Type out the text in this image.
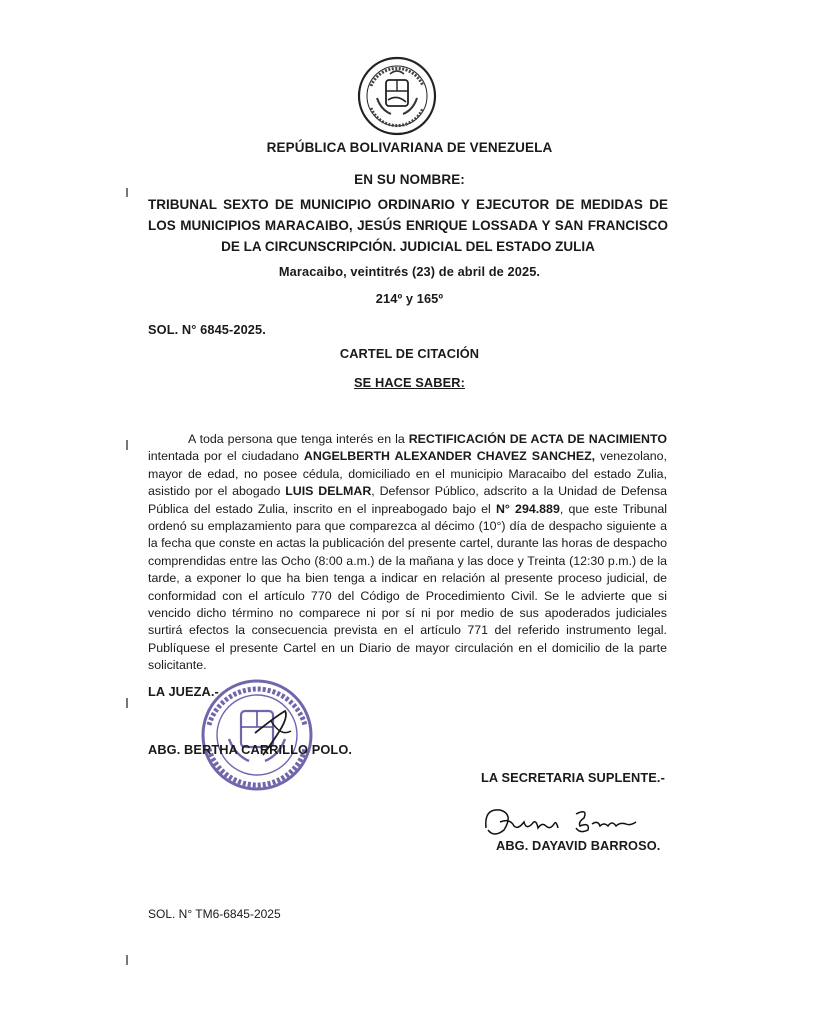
REPÚBLICA BOLIVARIANA DE VENEZUELA
EN SU NOMBRE:
TRIBUNAL SEXTO DE MUNICIPIO ORDINARIO Y EJECUTOR DE MEDIDAS DE LOS MUNICIPIOS MARACAIBO, JESÚS ENRIQUE LOSSADA Y SAN FRANCISCO DE LA CIRCUNSCRIPCIÓN. JUDICIAL DEL ESTADO ZULIA
Maracaibo, veintitrés (23) de abril de 2025.
214º y 165º
SOL. N° 6845-2025.
CARTEL DE CITACIÓN
SE HACE SABER:
A toda persona que tenga interés en la RECTIFICACIÓN DE ACTA DE NACIMIENTO intentada por el ciudadano ANGELBERTH ALEXANDER CHAVEZ SANCHEZ, venezolano, mayor de edad, no posee cédula, domiciliado en el municipio Maracaibo del estado Zulia, asistido por el abogado LUIS DELMAR, Defensor Público, adscrito a la Unidad de Defensa Pública del estado Zulia, inscrito en el inpreabogado bajo el N° 294.889, que este Tribunal ordenó su emplazamiento para que comparezca al décimo (10°) día de despacho siguiente a la fecha que conste en actas la publicación del presente cartel, durante las horas de despacho comprendidas entre las Ocho (8:00 a.m.) de la mañana y las doce y Treinta (12:30 p.m.) de la tarde, a exponer lo que ha bien tenga a indicar en relación al presente proceso judicial, de conformidad con el artículo 770 del Código de Procedimiento Civil. Se le advierte que si vencido dicho término no comparece ni por sí ni por medio de sus apoderados judiciales surtirá efectos la consecuencia prevista en el artículo 771 del referido instrumento legal. Publíquese el presente Cartel en un Diario de mayor circulación en el domicilio de la parte solicitante.
LA JUEZA.-
ABG. BERTHA CARRILLO POLO.
LA SECRETARIA SUPLENTE.-
ABG. DAYAVID BARROSO.
SOL. N° TM6-6845-2025
